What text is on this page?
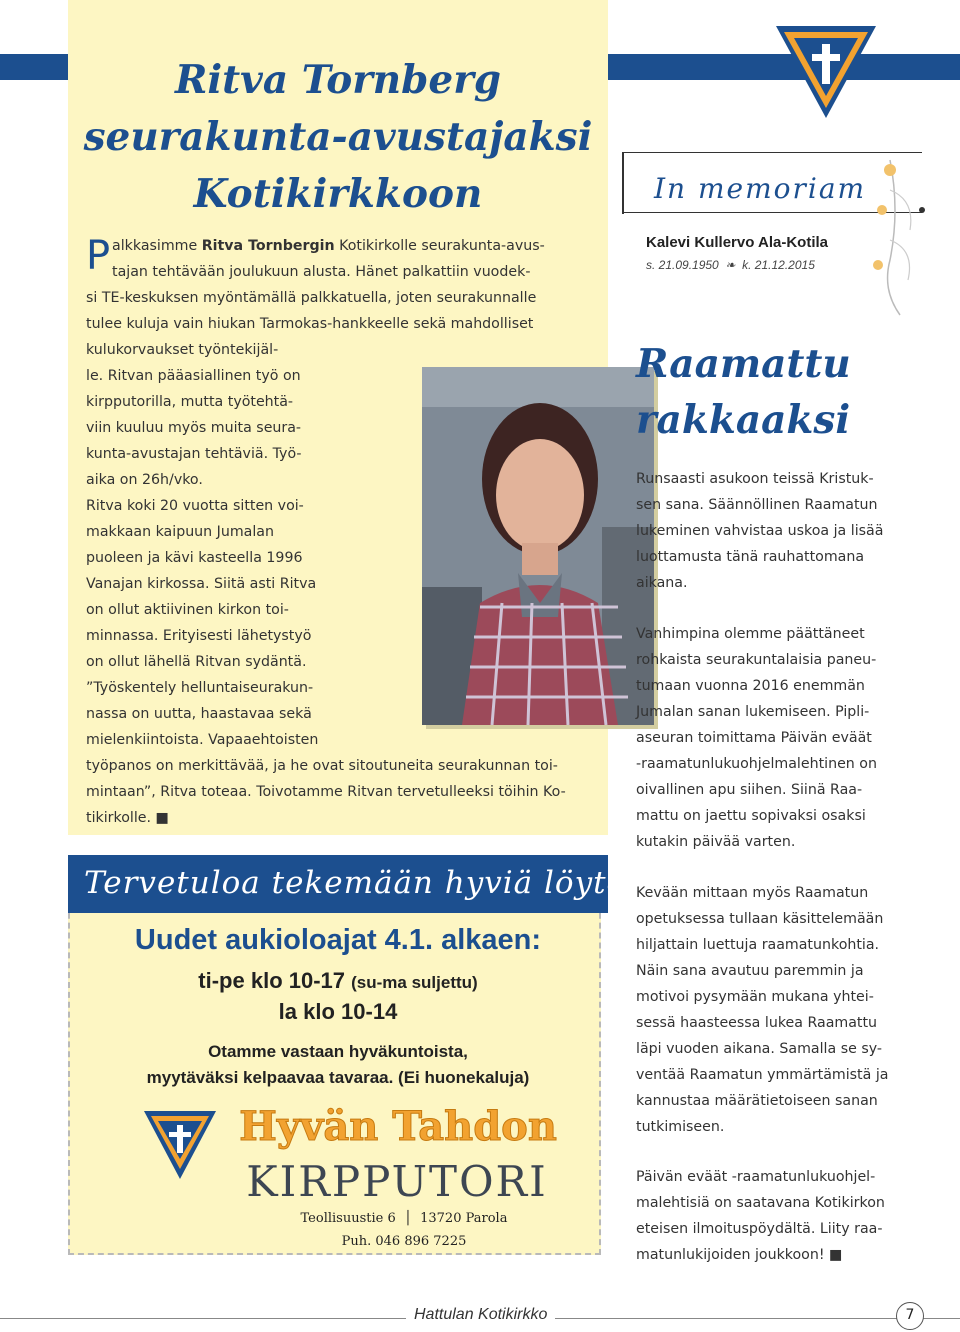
Ritva Tornberg
seurakunta-avustajaksi
Kotikirkkoon
P alkkasimme Ritva Tornbergin Kotikirkolle seurakunta-avus-
tajan tehtävään joulukuun alusta. Hänet palkattiin vuodek-
si TE-keskuksen myöntämällä palkkatuella, joten seurakunnalle
tulee kuluja vain hiukan Tarmokas-hankkeelle sekä mahdolliset
kulukorvaukset työntekijäl-
le. Ritvan pääasiallinen työ on
kirpputorilla, mutta työtehtä-
viin kuuluu myös muita seura-
kunta-avustajan tehtäviä. Työ-
aika on 26h/vko.
Ritva koki 20 vuotta sitten voi-
makkaan kaipuun Jumalan
puoleen ja kävi kasteella 1996
Vanajan kirkossa. Siitä asti Ritva
on ollut aktiivinen kirkon toi-
minnassa. Erityisesti lähetystyö
on ollut lähellä Ritvan sydäntä.
”Työskentely helluntaiseurakun-
nassa on uutta, haastavaa sekä
mielenkiintoista. Vapaaehtoisten
työpanos on merkittävää, ja he ovat sitoutuneita seurakunnan toi-
mintaan”, Ritva toteaa. Toivotamme Ritvan tervetulleeksi töihin Ko-
tikirkolle. ■
Tervetuloa tekemään hyviä löytöjä!
Uudet aukioloajat 4.1. alkaen:
ti-pe klo 10-17 (su-ma suljettu)
la klo 10-14
Otamme vastaan hyväkuntoista,
myytäväksi kelpaavaa tavaraa. (Ei huonekaluja)
Hyvän Tahdon
KIRPPUTORI
Teollisuustie 6  │  13720 Parola
Puh. 046 896 7225
In memoriam
Kalevi Kullervo Ala-Kotila
s. 21.09.1950 ❧ k. 21.12.2015
Raamattu
rakkaaksi
Runsaasti asukoon teissä Kristuk-
sen sana. Säännöllinen Raamatun
lukeminen vahvistaa uskoa ja lisää
luottamusta tänä rauhattomana
aikana.
Vanhimpina olemme päättäneet
rohkaista seurakuntalaisia paneu-
tumaan vuonna 2016 enemmän
Jumalan sanan lukemiseen. Pipli-
aseuran toimittama Päivän eväät
-raamatunlukuohjelmalehtinen on
oivallinen apu siihen. Siinä Raa-
mattu on jaettu sopivaksi osaksi
kutakin päivää varten.
Kevään mittaan myös Raamatun
opetuksessa tullaan käsittelemään
hiljattain luettuja raamatunkohtia.
Näin sana avautuu paremmin ja
motivoi pysymään mukana yhtei-
sessä haasteessa lukea Raamattu
läpi vuoden aikana. Samalla se sy-
ventää Raamatun ymmärtämistä ja
kannustaa määrätietoiseen sanan
tutkimiseen.
Päivän eväät -raamatunlukuohjel-
malehtisiä on saatavana Kotikirkon
eteisen ilmoituspöydältä. Liity raa-
matunlukijoiden joukkoon! ■
Hattulan Kotikirkko	7
